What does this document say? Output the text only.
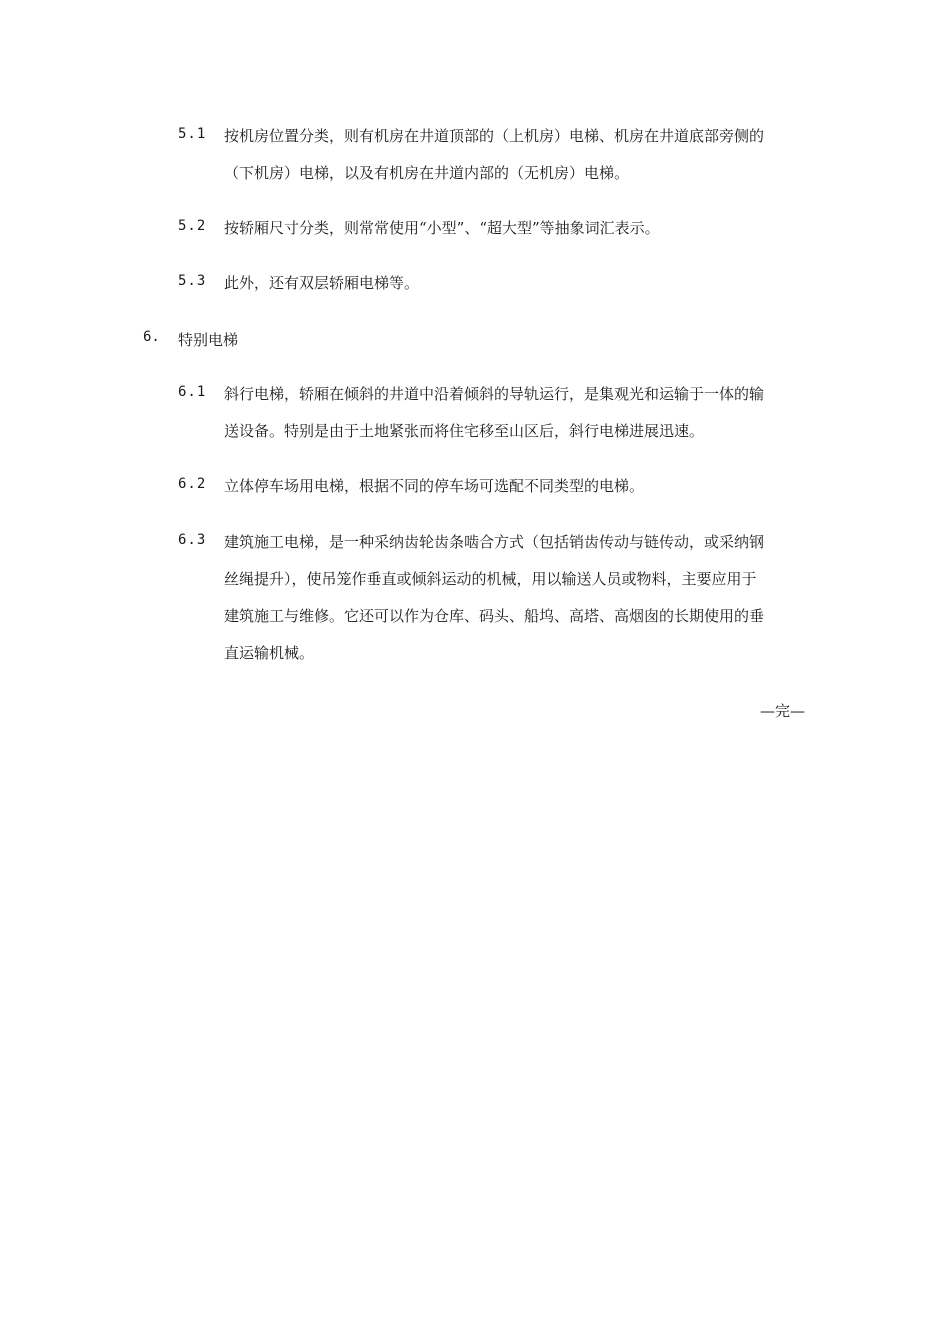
5.1	按机房位置分类，则有机房在井道顶部的（上机房）电梯、机房在井道底部旁侧的
（下机房）电梯，以及有机房在井道内部的（无机房）电梯。
5.2	按轿厢尺寸分类，则常常使用“小型”、“超大型”等抽象词汇表示。
5.3	此外，还有双层轿厢电梯等。
6. 特别电梯
6.1	斜行电梯，轿厢在倾斜的井道中沿着倾斜的导轨运行，是集观光和运输于一体的输
送设备。特别是由于土地紧张而将住宅移至山区后，斜行电梯进展迅速。
6.2	立体停车场用电梯，根据不同的停车场可选配不同类型的电梯。
6.3	建筑施工电梯，是一种采纳齿轮齿条啮合方式（包括销齿传动与链传动，或采纳钢
丝绳提升），使吊笼作垂直或倾斜运动的机械，用以输送人员或物料，主要应用于
建筑施工与维修。它还可以作为仓库、码头、船坞、高塔、高烟囱的长期使用的垂
直运输机械。
—完—
